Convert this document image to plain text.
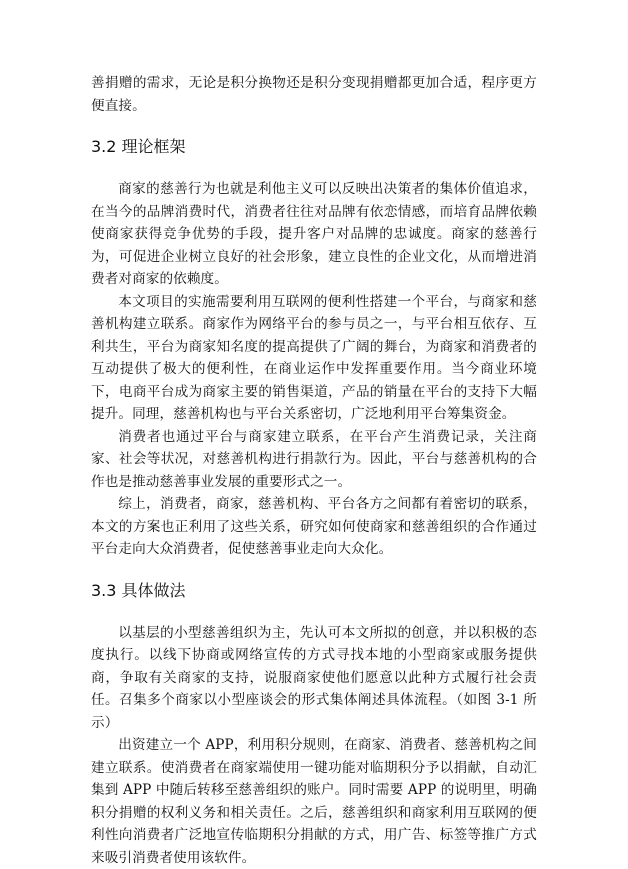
善捐赠的需求，无论是积分换物还是积分变现捐赠都更加合适，程序更方便直接。

3.2 理论框架

商家的慈善行为也就是利他主义可以反映出决策者的集体价值追求，在当今的品牌消费时代，消费者往往对品牌有依恋情感，而培育品牌依赖使商家获得竞争优势的手段，提升客户对品牌的忠诚度。商家的慈善行为，可促进企业树立良好的社会形象，建立良性的企业文化，从而增进消费者对商家的依赖度。

本文项目的实施需要利用互联网的便利性搭建一个平台，与商家和慈善机构建立联系。商家作为网络平台的参与员之一，与平台相互依存、互利共生，平台为商家知名度的提高提供了广阔的舞台，为商家和消费者的互动提供了极大的便利性，在商业运作中发挥重要作用。当今商业环境下，电商平台成为商家主要的销售渠道，产品的销量在平台的支持下大幅提升。同理，慈善机构也与平台关系密切，广泛地利用平台筹集资金。

消费者也通过平台与商家建立联系，在平台产生消费记录，关注商家、社会等状况，对慈善机构进行捐款行为。因此，平台与慈善机构的合作也是推动慈善事业发展的重要形式之一。

综上，消费者，商家，慈善机构、平台各方之间都有着密切的联系，本文的方案也正利用了这些关系，研究如何使商家和慈善组织的合作通过平台走向大众消费者，促使慈善事业走向大众化。

3.3 具体做法

以基层的小型慈善组织为主，先认可本文所拟的创意，并以积极的态度执行。以线下协商或网络宣传的方式寻找本地的小型商家或服务提供商，争取有关商家的支持，说服商家使他们愿意以此种方式履行社会责任。召集多个商家以小型座谈会的形式集体阐述具体流程。（如图 3-1 所示）

出资建立一个 APP，利用积分规则，在商家、消费者、慈善机构之间建立联系。使消费者在商家端使用一键功能对临期积分予以捐献，自动汇集到 APP 中随后转移至慈善组织的账户。同时需要 APP 的说明里，明确积分捐赠的权利义务和相关责任。之后，慈善组织和商家利用互联网的便利性向消费者广泛地宣传临期积分捐献的方式，用广告、标签等推广方式来吸引消费者使用该软件。
